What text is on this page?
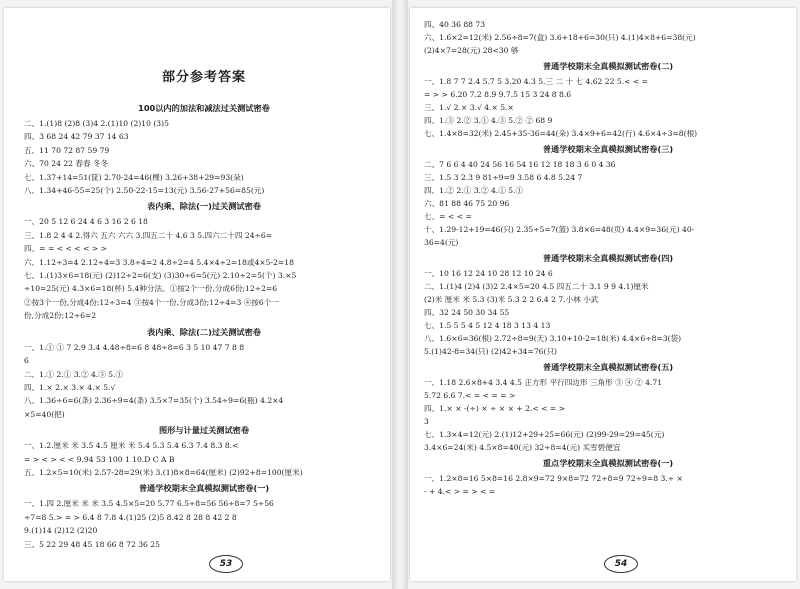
部分参考答案
100以内的加法和减法过关测试密卷
二、1.(1)8 (2)8 (3)4 2.(1)10 (2)10 (3)5
四、3 68 24 42 79 37 14 63
五、11 70 72 87 59 79
六、70 24 22 春春 冬冬
七、1.37+14=51(筐) 2.70-24=46(棵) 3.26+38+29=93(朵)
八、1.34+46-55=25(个) 2.50-22-15=13(元) 3.56-27+56=85(元)
表内乘、除法(一)过关测试密卷
一、20 5 12 6 24 4 6 3 16 2 6 18
三、1.8 2 4 4 2.得六 五六 六六 3.四五二十 4.6 3 5.四六二十四 24÷6=
四、= = < < < < > >
六、1.12÷3=4 2.12÷4=3 3.8÷4=2 4.8÷2=4 5.4×4÷2=18或4×5-2=18
七、1.(1)3×6=18(元) (2)12÷2=6(支) (3)30÷6=5(元) 2.10÷2=5(个) 3.×5
÷10=25(元) 4.3×6=18(杯) 5.4种分法。①按2个一份,分成6份;12÷2=6
②按3个一份,分成4份;12÷3=4 ③按4个一份,分成3份;12÷4=3 ④按6个一
份,分成2份;12÷6=2
表内乘、除法(二)过关测试密卷
一、1.① ① 7 2.9 3.4 4.48÷8=6 8 48÷8=6 3 5 10 47 7 8 8
6
二、1.① 2.① 3.② 4.③ 5.①
四、1.× 2.× 3.× 4.× 5.√
八、1.36÷6=6(条) 2.36÷9=4(条) 3.5×7=35(个) 3.54÷9=6(瓶) 4.2×4
×5=40(把)
图形与计量过关测试密卷
一、1.2.厘米 米 3.5 4.5 厘米 米 5.4 5.3 5.4 6.3 7.4 8.3 8.<
= > < > < < 9.94 53 100 1 10.D C A B
五、1.2×5=10(米) 2.57-28=29(米) 3.(1)8×8=64(厘米) (2)92+8=100(厘米)
普通学校期末全真模拟测试密卷(一)
一、1.四 2.厘米 米 米 3.5 4.5×5=20 5.77 6.5÷8=56 56÷8=7 5÷56
÷7=8 5.> = > 6.4 8 7.8 4.(1)25 (2)5 8.42 8 28 8 42 2 8
9.(1)14 (2)12 (2)20
三、5 22 29 48 45 18 66 8 72 36 25
53
四、40 36 88 73
六、1.6×2=12(米) 2.56÷8=7(盒) 3.6+18+6=30(只) 4.(1)4×8+6=38(元)
(2)4×7=28(元) 28<30 够
普通学校期末全真模拟测试密卷(二)
一、1.8 7 7 2.4 5.7 5 3.20 4.3 5.三 二 十 七 4.62 22 5.< < =
= > > 6.20 7.2 8.9 9.7.5 15 3 24 8 8.6
三、1.√ 2.× 3.√ 4.× 5.×
四、1.③ 2.② 3.① 4.③ 5.② ② 68 9
七、1.4×8=32(米) 2.45+35-36=44(朵) 3.4×9+6=42(行) 4.6×4÷3=8(根)
普通学校期末全真模拟测试密卷(三)
二、7 6 6 4 40 24 56 16 54 16 12 18 18 3 6 0 4 36
三、1.5 3 2.3 9 81÷9=9 3.58 6 4.8 5.24 7
四、1.② 2.① 3.② 4.① 5.①
六、81 88 46 75 20 96
七、= < < =
十、1.29-12+19=46(只) 2.35÷5=7(篮) 3.8×6=48(页) 4.4×9=36(元) 40-
36=4(元)
普通学校期末全真模拟测试密卷(四)
一、10 16 12 24 10 28 12 10 24 6
二、1.(1)4 (2)4 (3)2 2.4×5=20 4.5 四五二十 3.1 9 9 4.1)厘米
(2)米 厘米 米 5.3 (3)米 5.3 2 2 6.4 2 7.小林 小武
四、32 24 50 30 34 55
七、1.5 5 5 4 5 12 4 18 3 13 4 13
八、1.6×6=36(根) 2.72÷8=9(天) 3.10+10-2=18(米) 4.4×6÷8=3(袋)
5.(1)42-8=34(只) (2)42+34=76(只)
普通学校期末全真模拟测试密卷(五)
一、1.18 2.6×8+4 3.4 4.5 正方形 平行四边形 三角形 ③ ④ ② 4.71
5.72 6.6 7.< = < = = >
四、1.× × -(÷) × ÷ × × + 2.< < = >
3
七、1.3×4=12(元) 2.(1)12+29+25=66(元) (2)99-29=29=45(元)
3.4×6=24(米) 4.5×8=40(元) 32÷8=4(元) 买雪碧便宜
重点学校期末全真模拟测试密卷(一)
一、1.2×8=16 5×8=16 2.8×9=72 9×8=72 72÷8=9 72÷9=8 3.÷ ×
- + 4.< > = > < =
54
